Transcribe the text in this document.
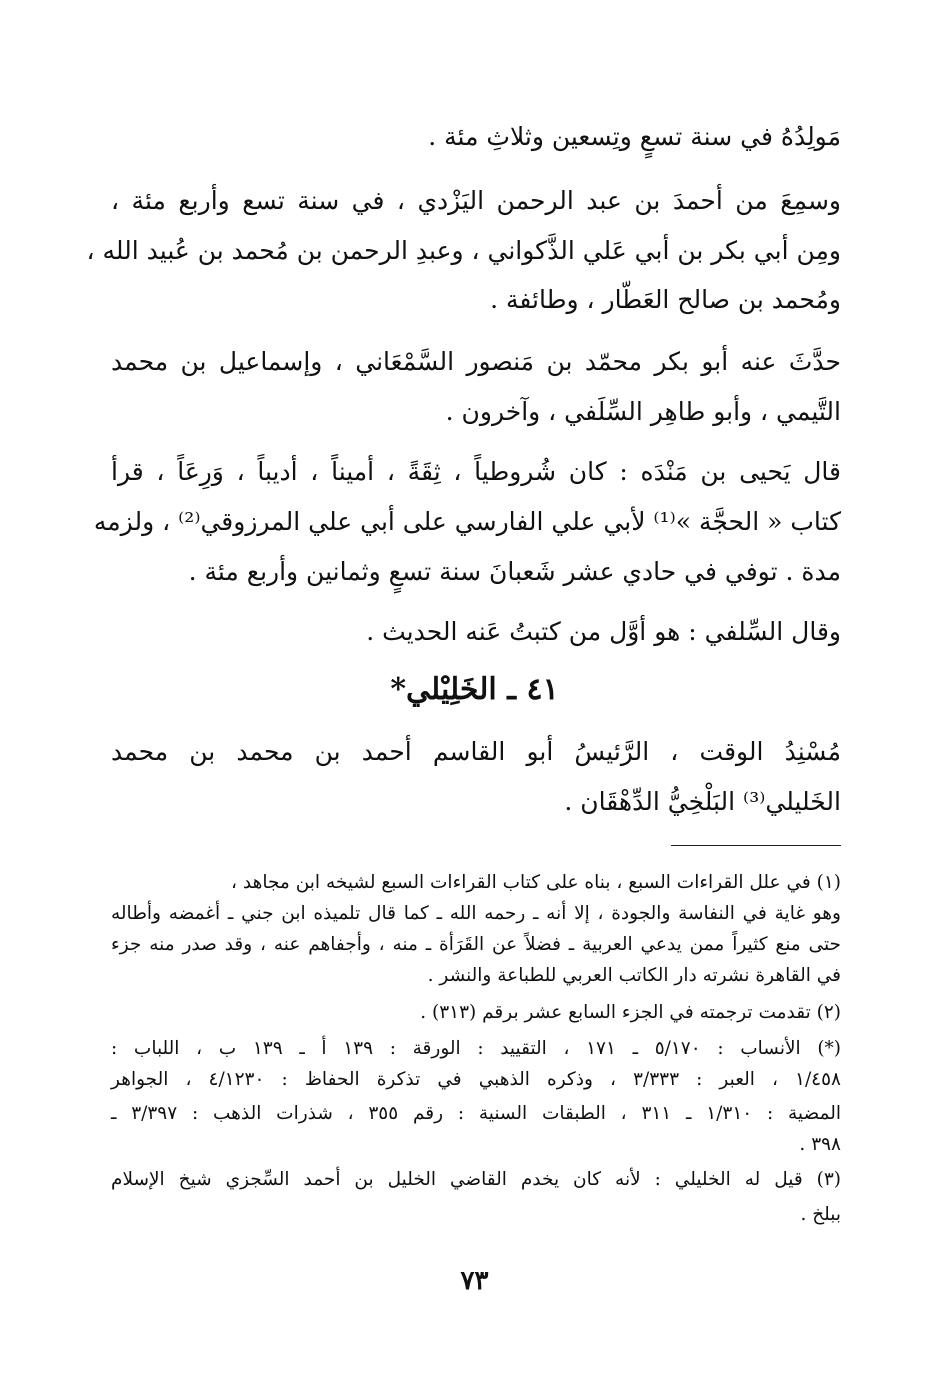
مَولِدُهُ في سنة تسعٍ وتِسعين وثلاثِ مئة .
وسمِعَ من أحمدَ بن عبد الرحمن اليَزْدي ، في سنة تسع وأربع مئة ،
ومِن أبي بكر بن أبي عَلي الذَّكواني ، وعبدِ الرحمن بن مُحمد بن عُبيد الله ،
ومُحمد بن صالح العَطّار ، وطائفة .
حدَّثَ عنه أبو بكر محمّد بن مَنصور السَّمْعَاني ، وإسماعيل بن محمد
التَّيمي ، وأبو طاهِر السِّلَفي ، وآخرون .
قال يَحيى بن مَنْدَه : كان شُروطياً ، ثِقَةً ، أميناً ، أديباً ، وَرِعَاً ، قرأ
كتاب « الحجَّة »⁽¹⁾ لأبي علي الفارسي على أبي علي المرزوقي⁽²⁾ ، ولزمه
مدة . توفي في حادي عشر شَعبانَ سنة تسعٍ وثمانين وأربع مئة .
وقال السِّلفي : هو أوَّل من كتبتُ عَنه الحديث .
٤١ ـ الخَلِيْلي*
مُسْنِدُ الوقت ، الرَّئيسُ أبو القاسم أحمد بن محمد بن محمد
الخَليلي⁽³⁾ البَلْخِيُّ الدِّهْقَان .
(١) في علل القراءات السبع ، بناه على كتاب القراءات السبع لشيخه ابن مجاهد ،
وهو غاية في النفاسة والجودة ، إلا أنه ـ رحمه الله ـ كما قال تلميذه ابن جني ـ أغمضه وأطاله
حتى منع كثيراً ممن يدعي العربية ـ فضلاً عن القَرَأة ـ منه ، وأجفاهم عنه ، وقد صدر منه جزء
في القاهرة نشرته دار الكاتب العربي للطباعة والنشر .
(٢) تقدمت ترجمته في الجزء السابع عشر برقم (٣١٣) .
(*) الأنساب : ٥/١٧٠ ـ ١٧١ ، التقييد : الورقة : ١٣٩ أ ـ ١٣٩ ب ، اللباب :
١/٤٥٨ ، العبر : ٣/٣٣٣ ، وذكره الذهبي في تذكرة الحفاظ : ٤/١٢٣٠ ، الجواهر
المضية : ١/٣١٠ ـ ٣١١ ، الطبقات السنية : رقم ٣٥٥ ، شذرات الذهب : ٣/٣٩٧ ـ
٣٩٨ .
(٣) قيل له الخليلي : لأنه كان يخدم القاضي الخليل بن أحمد السِّجزي شيخ الإسلام
ببلخ .
٧٣
